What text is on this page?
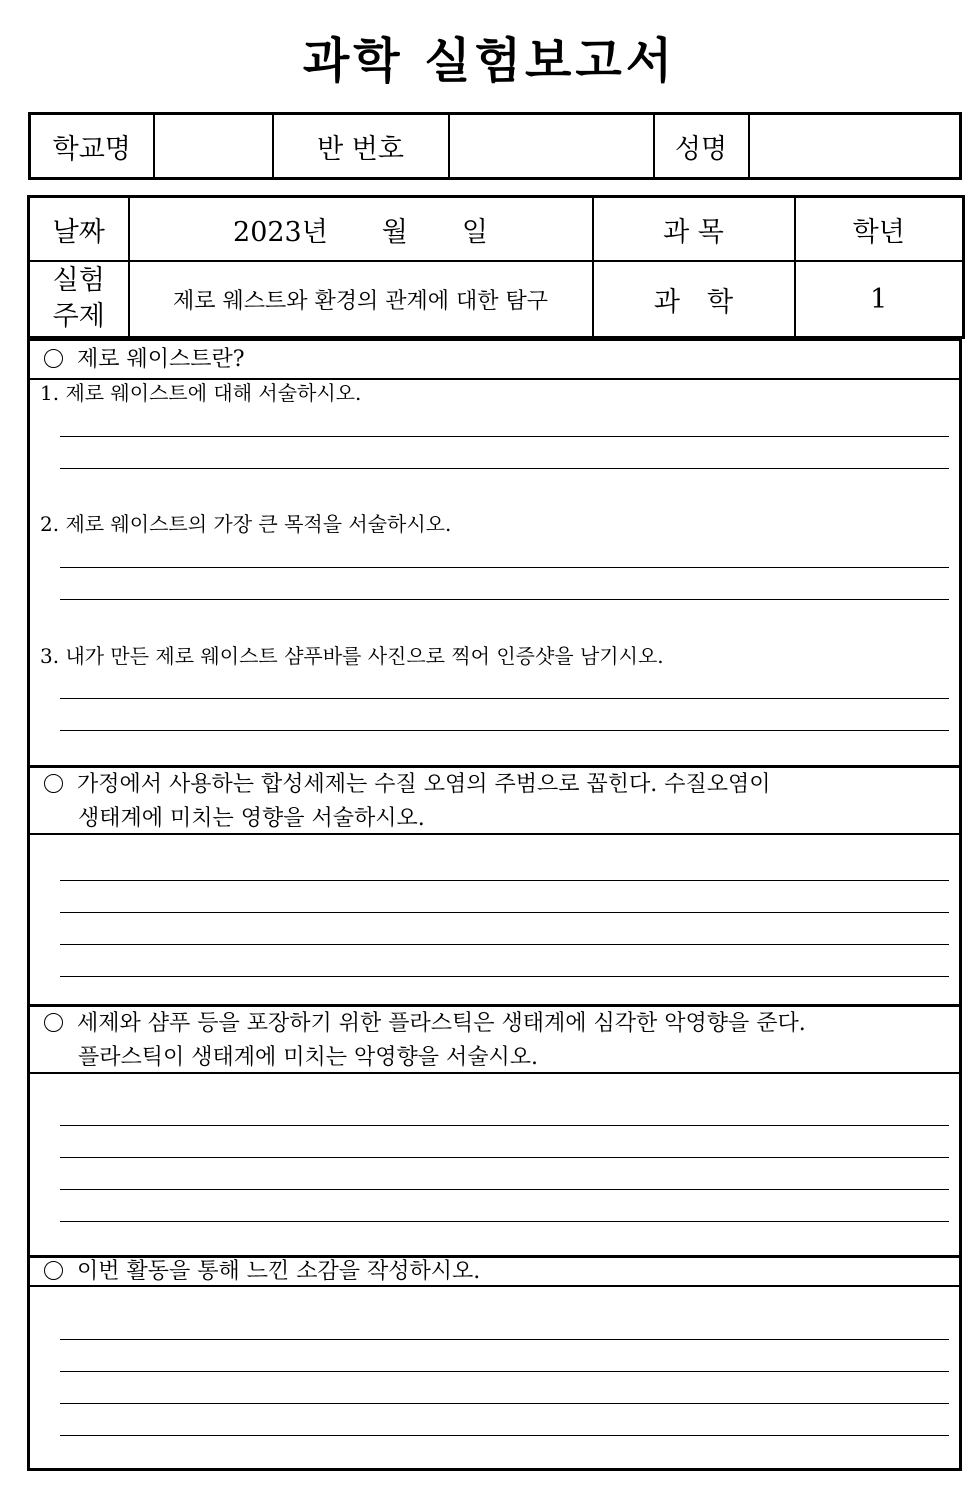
과학 실험보고서
학교명		반 번호		성명	
날짜	2023년　　월　　일	과 목	학년
실험 주제	제로 웨스트와 환경의 관계에 대한 탐구	과　학	1
제로 웨이스트란?
1. 제로 웨이스트에 대해 서술하시오.
2. 제로 웨이스트의 가장 큰 목적을 서술하시오.
3. 내가 만든 제로 웨이스트 샴푸바를 사진으로 찍어 인증샷을 남기시오.
가정에서 사용하는 합성세제는 수질 오염의 주범으로 꼽힌다. 수질오염이
생태계에 미치는 영향을 서술하시오.
세제와 샴푸 등을 포장하기 위한 플라스틱은 생태계에 심각한 악영향을 준다.
플라스틱이 생태계에 미치는 악영향을 서술시오.
이번 활동을 통해 느낀 소감을 작성하시오.
